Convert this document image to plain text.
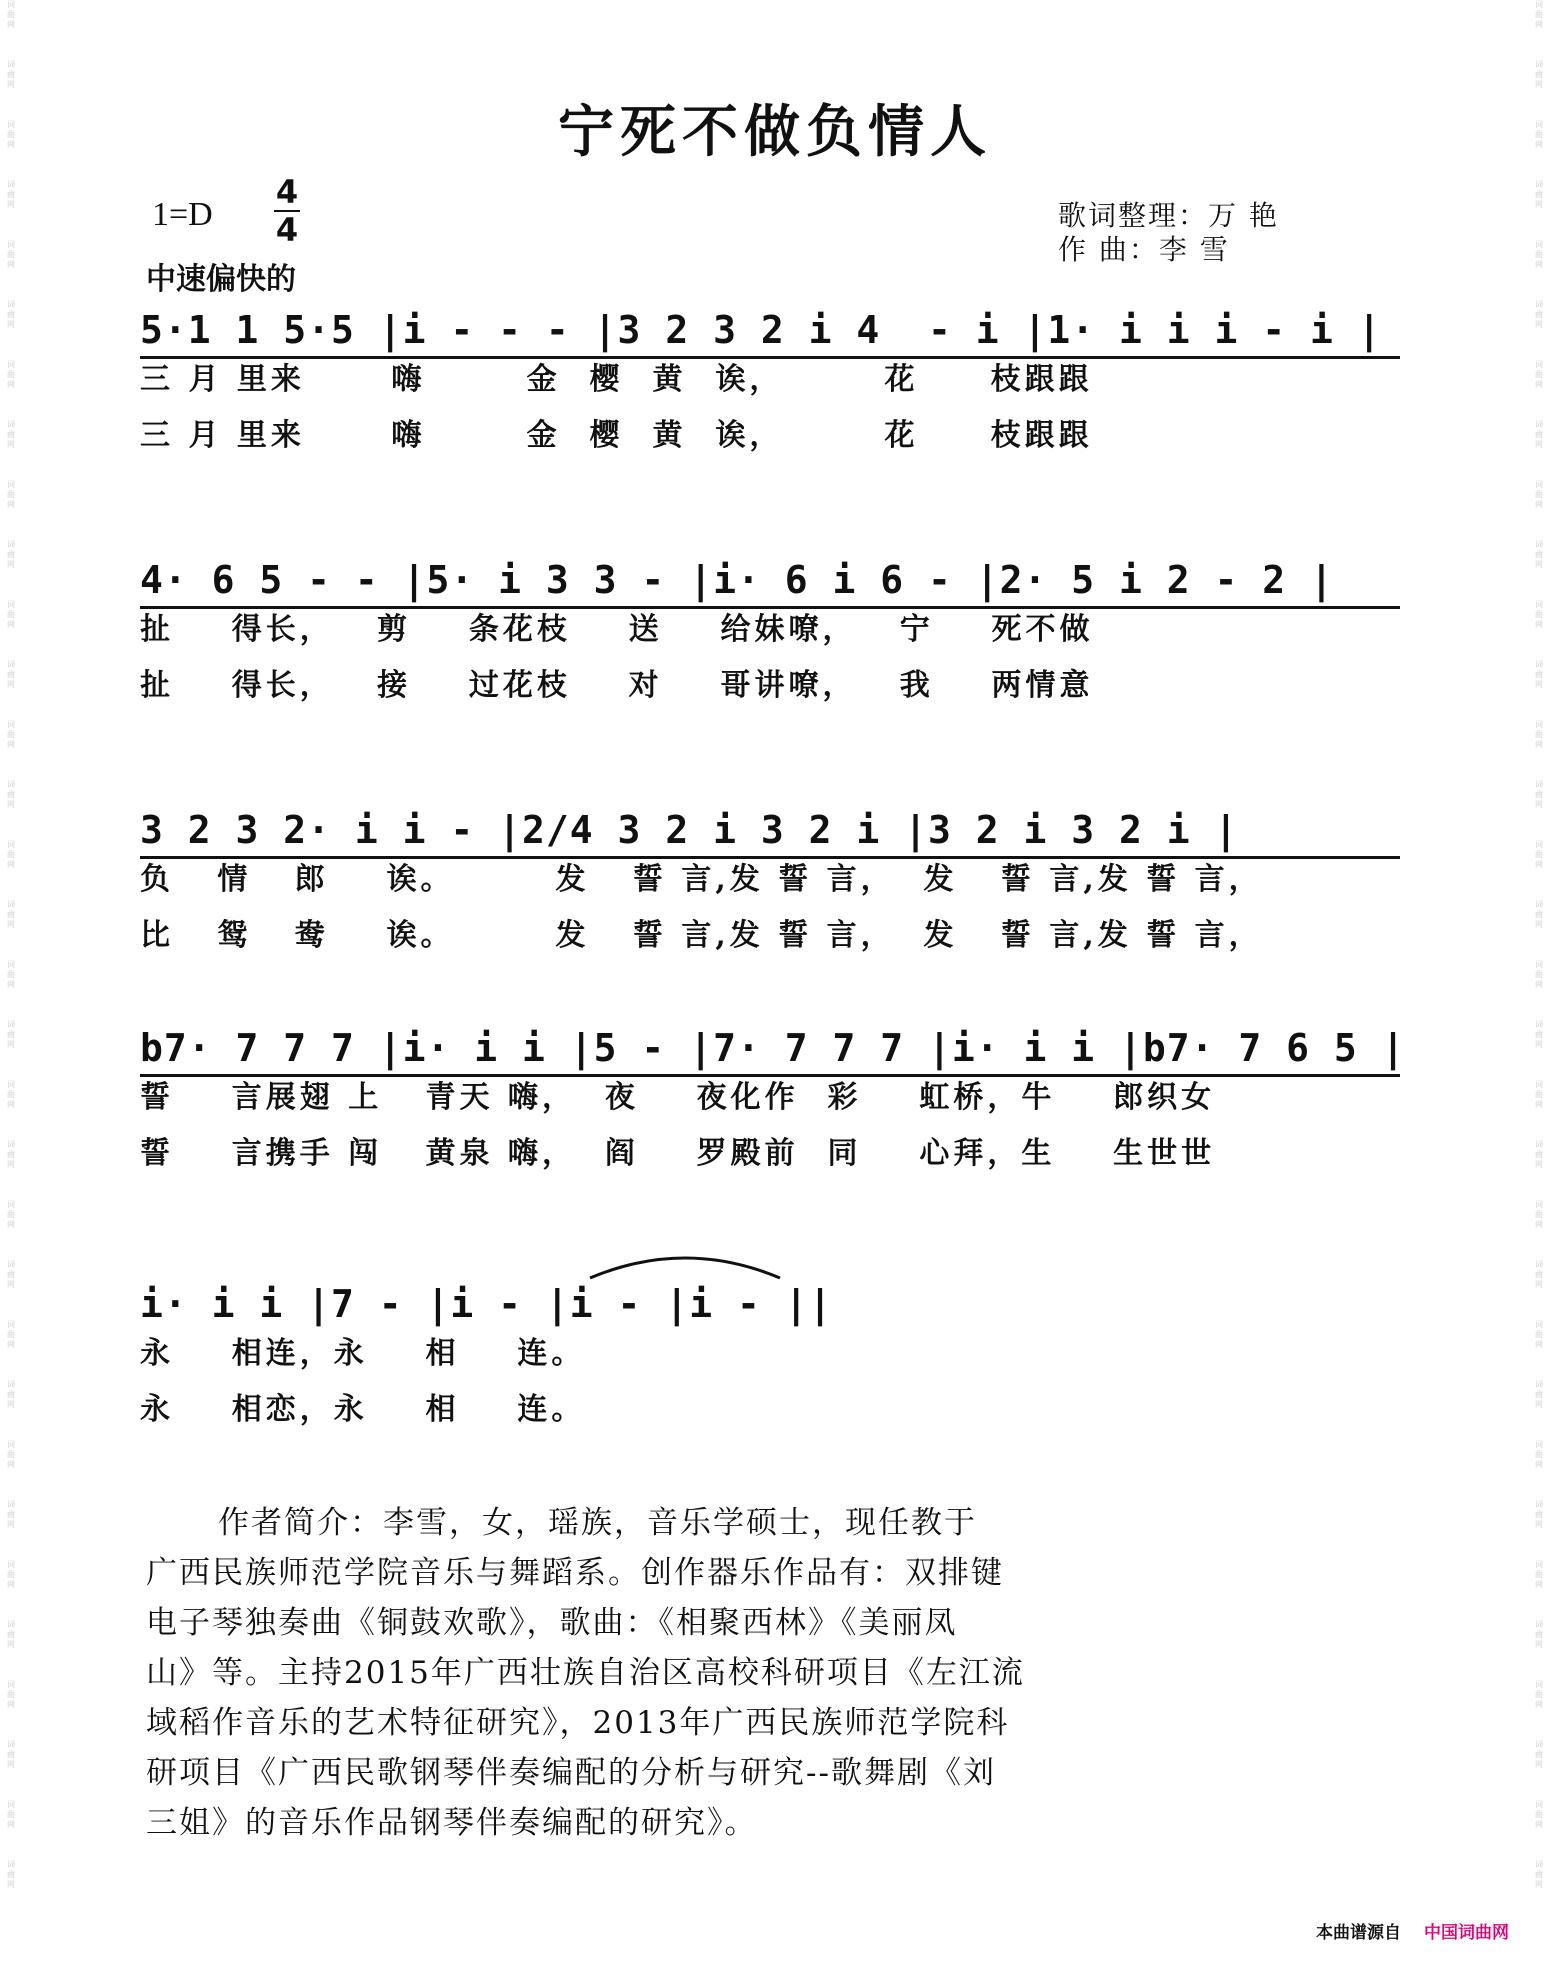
词
曲
网
词
曲
网
词
曲
网
词
曲
网
词
曲
网
词
曲
网
词
曲
网
词
曲
网
词
曲
网
词
曲
网
词
曲
网
词
曲
网
词
曲
网
词
曲
网
词
曲
网
词
曲
网
词
曲
网
词
曲
网
词
曲
网
词
曲
网
词
曲
网
词
曲
网
词
曲
网
词
曲
网
词
曲
网
词
曲
网
词
曲
网
词
曲
网
词
曲
网
词
曲
网
词
曲
网
词
曲
网
词
曲
网
词
曲
网
词
曲
网
词
曲
网
词
曲
网
词
曲
网
词
曲
网
词
曲
网
词
曲
网
词
曲
网
词
曲
网
词
曲
网
词
曲
网
词
曲
网
词
曲
网
词
曲
网
词
曲
网
词
曲
网
词
曲
网
词
曲
网
词
曲
网
词
曲
网
词
曲
网
词
曲
网
词
曲
网
词
曲
网
词
曲
网
词
曲
网
词
曲
网
词
曲
网
词
曲
网
词
曲
网
宁死不做负情人
1=D
4
4
中速偏快的
歌词整理：万 艳
作 曲：李 雪
5·1 1 5·5 |i - - - |3 2 3 2 i 4  - i |1· i i i - i |
三 月 里来      嗨       金  樱  黄  诶，       花     枝跟跟
三 月 里来      嗨       金  樱  黄  诶，       花     枝跟跟
4· 6 5 - - |5· i 3 3 - |i· 6 i 6 - |2· 5 i 2 - 2 |
扯    得长，   剪    条花枝    送    给妹嘹，   宁    死不做
扯    得长，   接    过花枝    对    哥讲嘹，   我    两情意
3 2 3 2· i i - |2/4 3 2 i 3 2 i |3 2 i 3 2 i |
负   情   郎    诶。       发   誓 言,发 誓 言，  发   誓 言,发 誓 言，
比   鸳   鸯    诶。       发   誓 言,发 誓 言，  发   誓 言,发 誓 言，
b7· 7 7 7 |i· i i |5 - |7· 7 7 7 |i· i i |b7· 7 6 5 |
誓    言展翅 上   青天 嗨，  夜    夜化作  彩    虹桥，牛    郎织女
誓    言携手 闯   黄泉 嗨，  阎    罗殿前  同    心拜，生    生世世
i· i i |7 - |i - |i - |i - ||
永    相连，永    相    连。
永    相恋，永    相    连。

作者简介：李雪，女，瑶族，音乐学硕士，现任教于

广西民族师范学院音乐与舞蹈系。创作器乐作品有：双排键

电子琴独奏曲《铜鼓欢歌》，歌曲：《相聚西林》《美丽凤

山》等。主持2015年广西壮族自治区高校科研项目《左江流

域稻作音乐的艺术特征研究》，2013年广西民族师范学院科

研项目《广西民歌钢琴伴奏编配的分析与研究--歌舞剧《刘

三姐》的音乐作品钢琴伴奏编配的研究》。

本曲谱源自 中国词曲网
